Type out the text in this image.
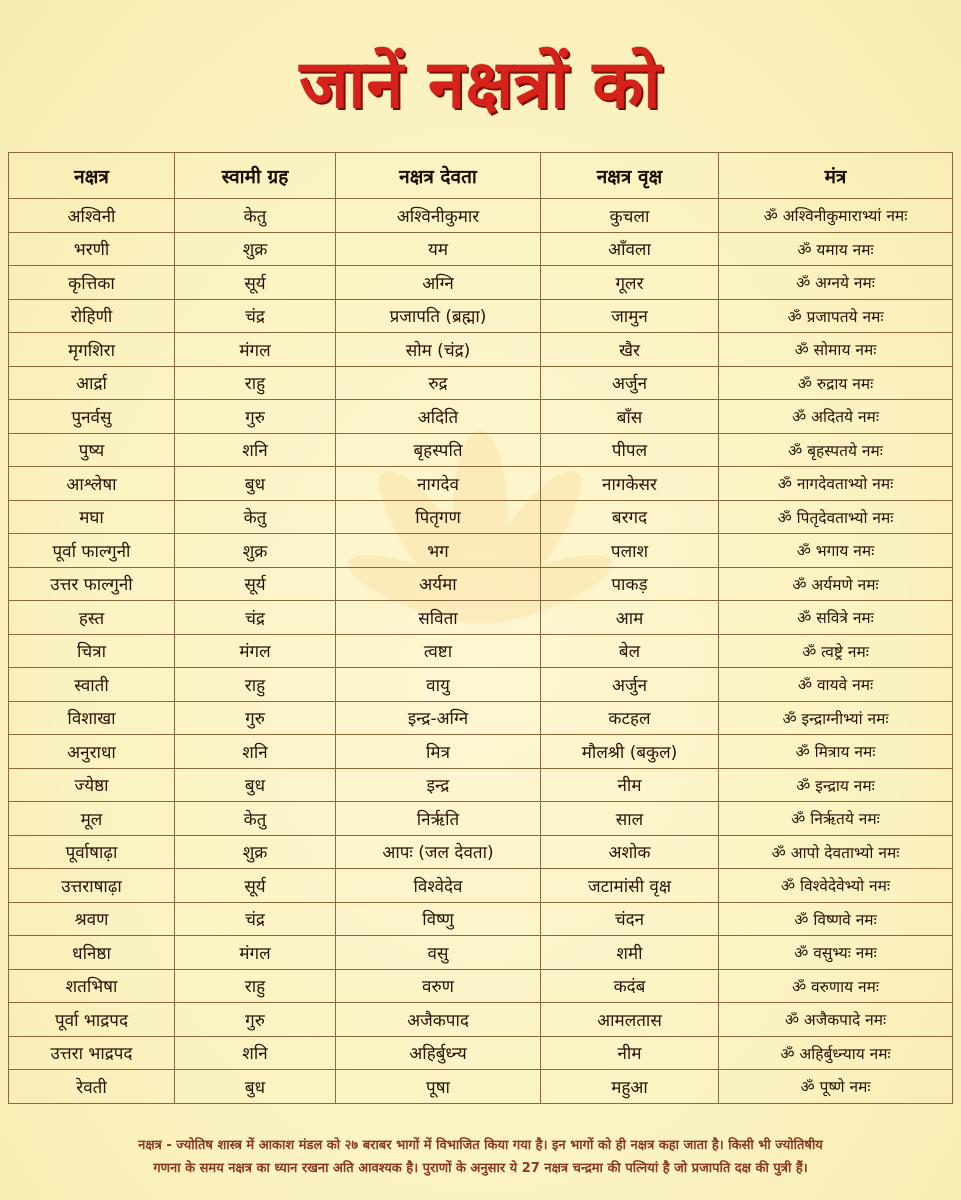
जानें नक्षत्रों को
नक्षत्र	स्वामी ग्रह	नक्षत्र देवता	नक्षत्र वृक्ष	मंत्र
अश्विनी	केतु	अश्विनीकुमार	कुचला	ॐ अश्विनीकुमाराभ्यां नमः
भरणी	शुक्र	यम	आँवला	ॐ यमाय नमः
कृत्तिका	सूर्य	अग्नि	गूलर	ॐ अग्नये नमः
रोहिणी	चंद्र	प्रजापति (ब्रह्मा)	जामुन	ॐ प्रजापतये नमः
मृगशिरा	मंगल	सोम (चंद्र)	खैर	ॐ सोमाय नमः
आर्द्रा	राहु	रुद्र	अर्जुन	ॐ रुद्राय नमः
पुनर्वसु	गुरु	अदिति	बाँस	ॐ अदितये नमः
पुष्य	शनि	बृहस्पति	पीपल	ॐ बृहस्पतये नमः
आश्लेषा	बुध	नागदेव	नागकेसर	ॐ नागदेवताभ्यो नमः
मघा	केतु	पितृगण	बरगद	ॐ पितृदेवताभ्यो नमः
पूर्वा फाल्गुनी	शुक्र	भग	पलाश	ॐ भगाय नमः
उत्तर फाल्गुनी	सूर्य	अर्यमा	पाकड़	ॐ अर्यमणे नमः
हस्त	चंद्र	सविता	आम	ॐ सवित्रे नमः
चित्रा	मंगल	त्वष्टा	बेल	ॐ त्वष्ट्रे नमः
स्वाती	राहु	वायु	अर्जुन	ॐ वायवे नमः
विशाखा	गुरु	इन्द्र-अग्नि	कटहल	ॐ इन्द्राग्नीभ्यां नमः
अनुराधा	शनि	मित्र	मौलश्री (बकुल)	ॐ मित्राय नमः
ज्येष्ठा	बुध	इन्द्र	नीम	ॐ इन्द्राय नमः
मूल	केतु	निर्ऋति	साल	ॐ निर्ऋतये नमः
पूर्वाषाढ़ा	शुक्र	आपः (जल देवता)	अशोक	ॐ आपो देवताभ्यो नमः
उत्तराषाढ़ा	सूर्य	विश्वेदेव	जटामांसी वृक्ष	ॐ विश्वेदेवेभ्यो नमः
श्रवण	चंद्र	विष्णु	चंदन	ॐ विष्णवे नमः
धनिष्ठा	मंगल	वसु	शमी	ॐ वसुभ्यः नमः
शतभिषा	राहु	वरुण	कदंब	ॐ वरुणाय नमः
पूर्वा भाद्रपद	गुरु	अजैकपाद	आमलतास	ॐ अजैकपादे नमः
उत्तरा भाद्रपद	शनि	अहिर्बुध्न्य	नीम	ॐ अहिर्बुध्न्याय नमः
रेवती	बुध	पूषा	महुआ	ॐ पूष्णे नमः
नक्षत्र - ज्योतिष शास्त्र में आकाश मंडल को २७ बराबर भागों में विभाजित किया गया है। इन भागों को ही नक्षत्र कहा जाता है। किसी भी ज्योतिषीय
गणना के समय नक्षत्र का ध्यान रखना अति आवश्यक है। पुराणों के अनुसार ये 27 नक्षत्र चन्द्रमा की पत्नियां है जो प्रजापति दक्ष की पुत्री हैं।
